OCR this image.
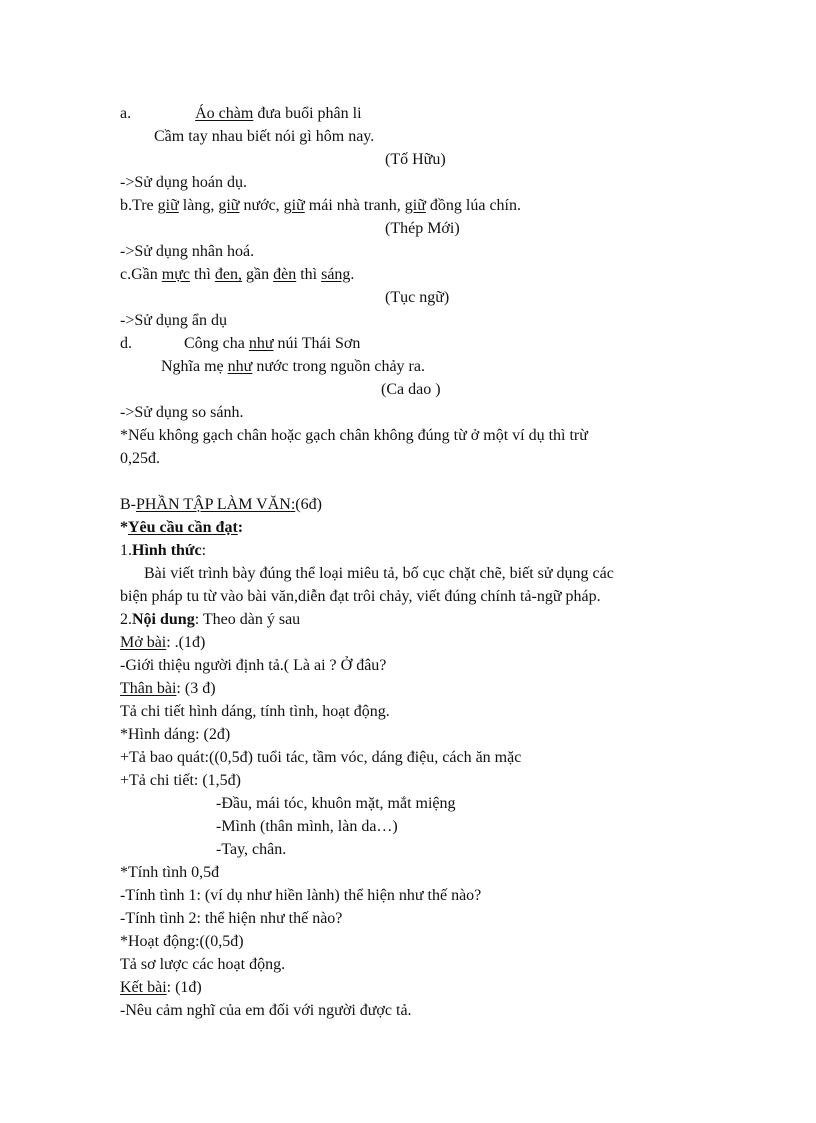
a.	Áo chàm đưa buổi phân li
Cầm tay nhau biết nói gì hôm nay.
(Tố Hữu)
->Sử dụng hoán dụ.
b.Tre giữ làng, giữ nước, giữ mái nhà tranh, giữ đồng lúa chín.
(Thép Mới)
->Sử dụng nhân hoá.
c.Gần mực thì đen, gần đèn thì sáng.
(Tục ngữ)
->Sử dụng ẩn dụ
d.	Công cha như núi Thái Sơn
Nghĩa mẹ như nước trong nguồn chảy ra.
(Ca dao )
->Sử dụng so sánh.
*Nếu không gạch chân hoặc gạch chân không đúng từ ở một ví dụ thì trừ
0,25đ.
B-PHẦN TẬP LÀM VĂN:(6đ)
*Yêu cầu cần đạt:
1.Hình thức:
Bài viết trình bày đúng thể loại miêu tả, bố cục chặt chẽ, biết sử dụng các
biện pháp tu từ vào bài văn,diễn đạt trôi chảy, viết đúng chính tả-ngữ pháp.
2.Nội dung: Theo dàn ý sau
Mở bài: .(1đ)
-Giới thiệu người định tả.( Là ai ? Ở đâu?
Thân bài: (3 đ)
Tả chi tiết hình dáng, tính tình, hoạt động.
*Hình dáng: (2đ)
+Tả bao quát:((0,5đ) tuổi tác, tầm vóc, dáng điệu, cách ăn mặc
+Tả chi tiết: (1,5đ)
-Đầu, mái tóc, khuôn mặt, mắt miệng
-Mình (thân mình, làn da…)
-Tay, chân.
*Tính tình 0,5đ
-Tính tình 1: (ví dụ như hiền lành) thể hiện như thế nào?
-Tính tình 2: thể hiện như thế nào?
*Hoạt động:((0,5đ)
Tả sơ lược các hoạt động.
Kết bài: (1đ)
-Nêu cảm nghĩ của em đối với người được tả.
